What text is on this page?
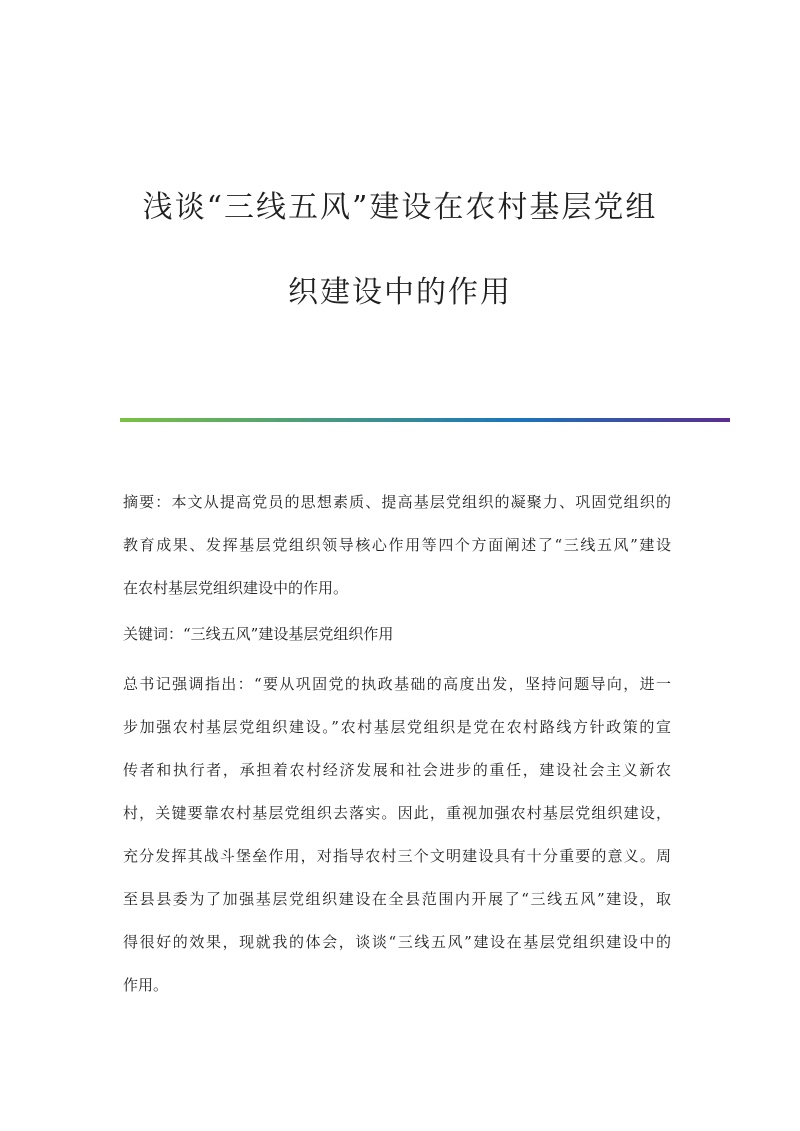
浅谈“三线五风”建设在农村基层党组
织建设中的作用
摘要：本文从提高党员的思想素质、提高基层党组织的凝聚力、巩固党组织的
教育成果、发挥基层党组织领导核心作用等四个方面阐述了“三线五风”建设
在农村基层党组织建设中的作用。
关键词：“三线五风”建设基层党组织作用
总书记强调指出：“要从巩固党的执政基础的高度出发，坚持问题导向，进一
步加强农村基层党组织建设。”农村基层党组织是党在农村路线方针政策的宣
传者和执行者，承担着农村经济发展和社会进步的重任，建设社会主义新农
村，关键要靠农村基层党组织去落实。因此，重视加强农村基层党组织建设，
充分发挥其战斗堡垒作用，对指导农村三个文明建设具有十分重要的意义。周
至县县委为了加强基层党组织建设在全县范围内开展了“三线五风”建设，取
得很好的效果，现就我的体会，谈谈“三线五风”建设在基层党组织建设中的
作用。
